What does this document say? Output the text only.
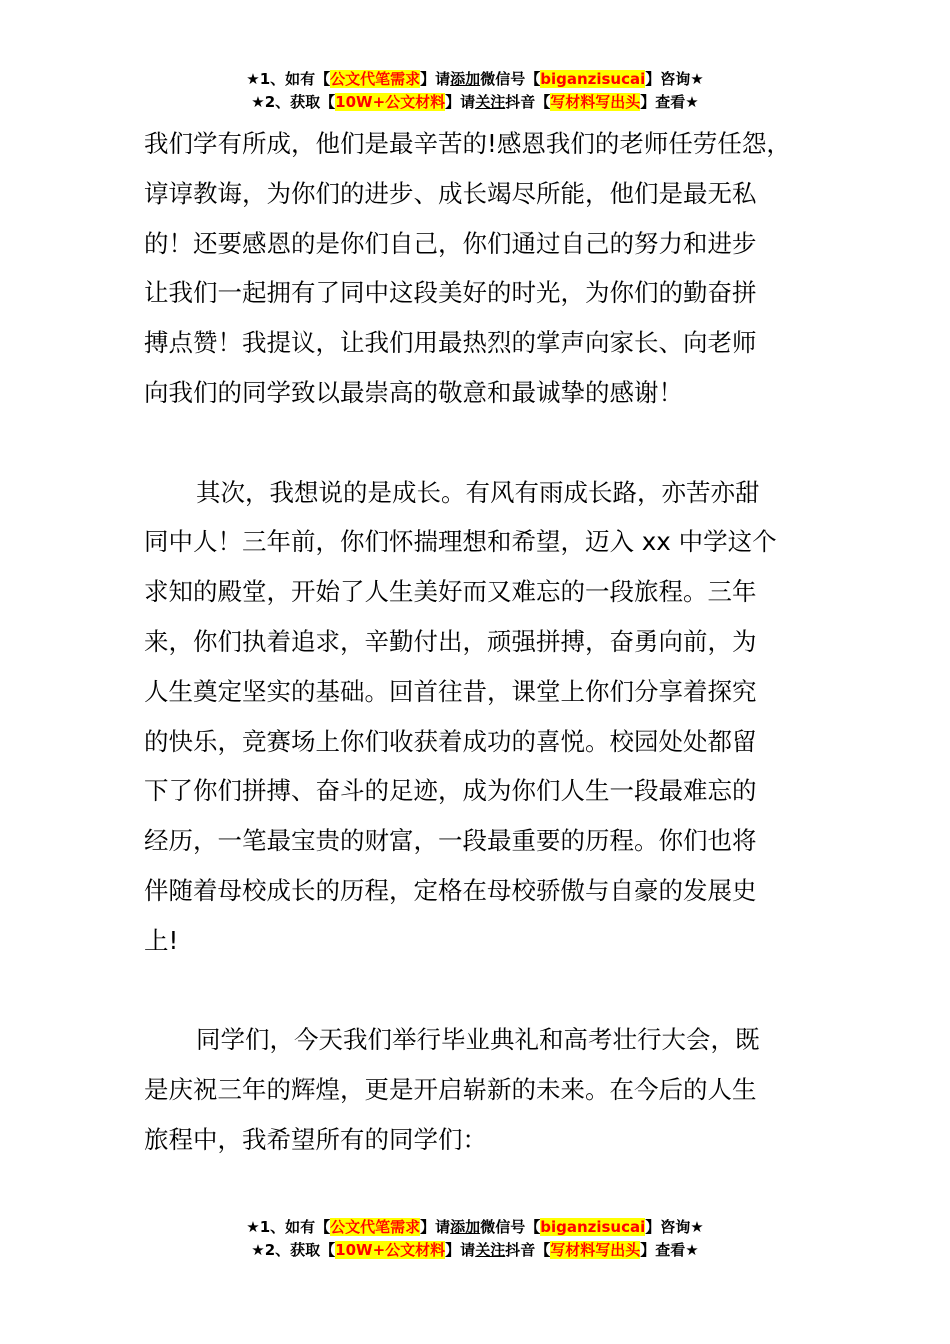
★1、如有【公文代笔需求】请添加微信号【biganzisucai】咨询★
★2、获取【10W+公文材料】请关注抖音【写材料写出头】查看★

我们学有所成，他们是最辛苦的!感恩我们的老师任劳任怨，
谆谆教诲，为你们的进步、成长竭尽所能，他们是最无私
的！还要感恩的是你们自己，你们通过自己的努力和进步
让我们一起拥有了同中这段美好的时光，为你们的勤奋拼
搏点赞！我提议，让我们用最热烈的掌声向家长、向老师
向我们的同学致以最崇高的敬意和最诚挚的感谢！

其次，我想说的是成长。有风有雨成长路，亦苦亦甜
同中人！三年前，你们怀揣理想和希望，迈入 xx 中学这个
求知的殿堂，开始了人生美好而又难忘的一段旅程。三年
来，你们执着追求，辛勤付出，顽强拼搏，奋勇向前，为
人生奠定坚实的基础。回首往昔，课堂上你们分享着探究
的快乐，竞赛场上你们收获着成功的喜悦。校园处处都留
下了你们拼搏、奋斗的足迹，成为你们人生一段最难忘的
经历，一笔最宝贵的财富，一段最重要的历程。你们也将
伴随着母校成长的历程，定格在母校骄傲与自豪的发展史
上!

同学们，今天我们举行毕业典礼和高考壮行大会，既
是庆祝三年的辉煌，更是开启崭新的未来。在今后的人生
旅程中，我希望所有的同学们：

★1、如有【公文代笔需求】请添加微信号【biganzisucai】咨询★
★2、获取【10W+公文材料】请关注抖音【写材料写出头】查看★
